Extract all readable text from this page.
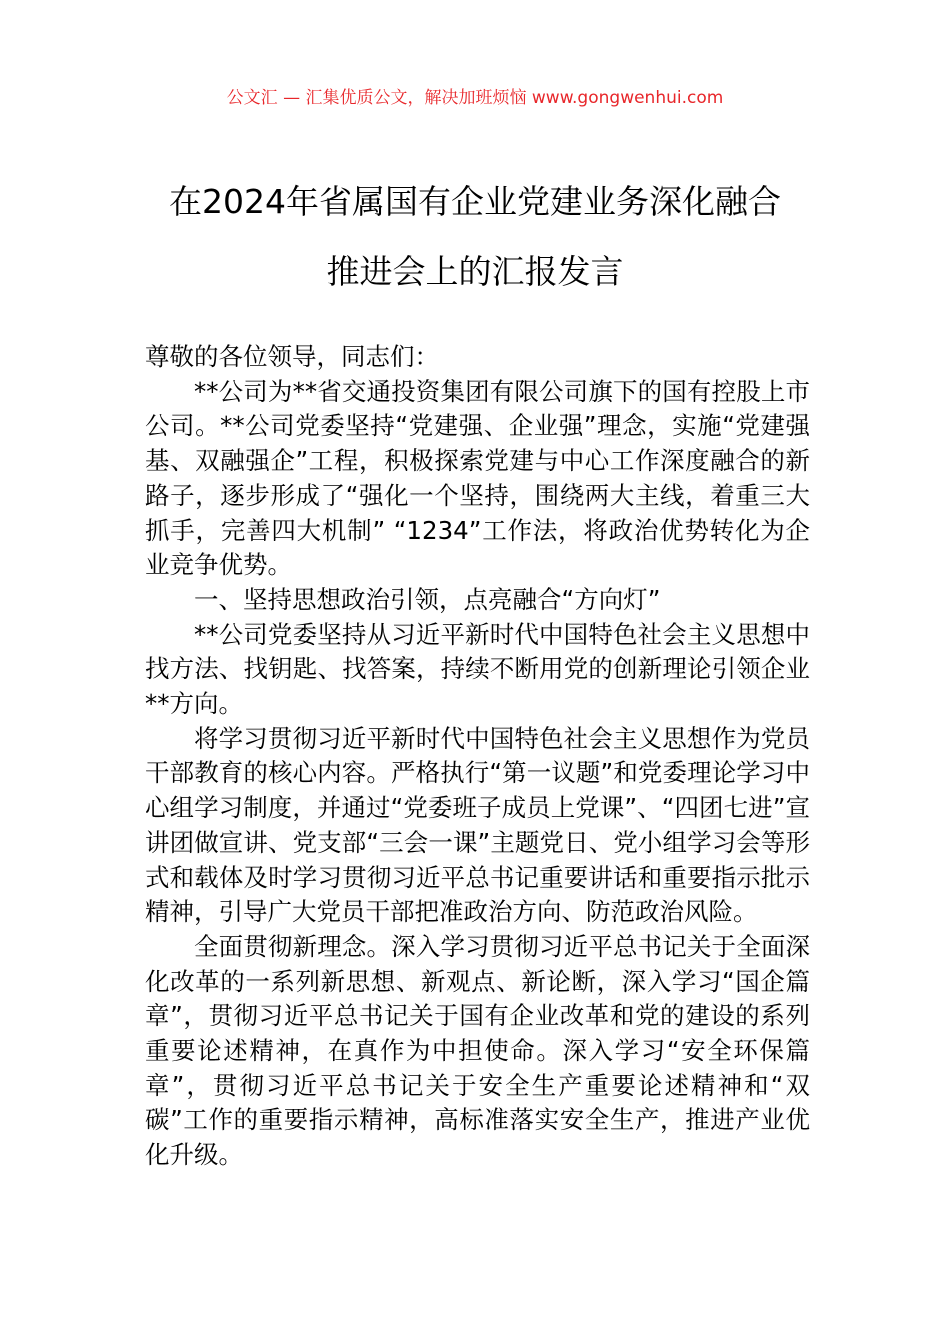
公文汇 — 汇集优质公文，解决加班烦恼 www.gongwenhui.com
在2024年省属国有企业党建业务深化融合
推进会上的汇报发言

尊敬的各位领导，同志们：

**公司为**省交通投资集团有限公司旗下的国有控股上市公司。**公司党委坚持“党建强、企业强”理念，实施“党建强基、双融强企”工程，积极探索党建与中心工作深度融合的新路子，逐步形成了“强化一个坚持，围绕两大主线，着重三大抓手，完善四大机制” “1234”工作法，将政治优势转化为企业竞争优势。

一、坚持思想政治引领，点亮融合“方向灯”

**公司党委坚持从习近平新时代中国特色社会主义思想中找方法、找钥匙、找答案，持续不断用党的创新理论引领企业**方向。

将学习贯彻习近平新时代中国特色社会主义思想作为党员干部教育的核心内容。严格执行“第一议题”和党委理论学习中心组学习制度，并通过“党委班子成员上党课”、“四团七进”宣讲团做宣讲、党支部“三会一课”主题党日、党小组学习会等形式和载体及时学习贯彻习近平总书记重要讲话和重要指示批示精神，引导广大党员干部把准政治方向、防范政治风险。

全面贯彻新理念。深入学习贯彻习近平总书记关于全面深化改革的一系列新思想、新观点、新论断，深入学习“国企篇章”，贯彻习近平总书记关于国有企业改革和党的建设的系列重要论述精神，在真作为中担使命。深入学习“安全环保篇章”，贯彻习近平总书记关于安全生产重要论述精神和“双碳”工作的重要指示精神，高标准落实安全生产，推进产业优化升级。
